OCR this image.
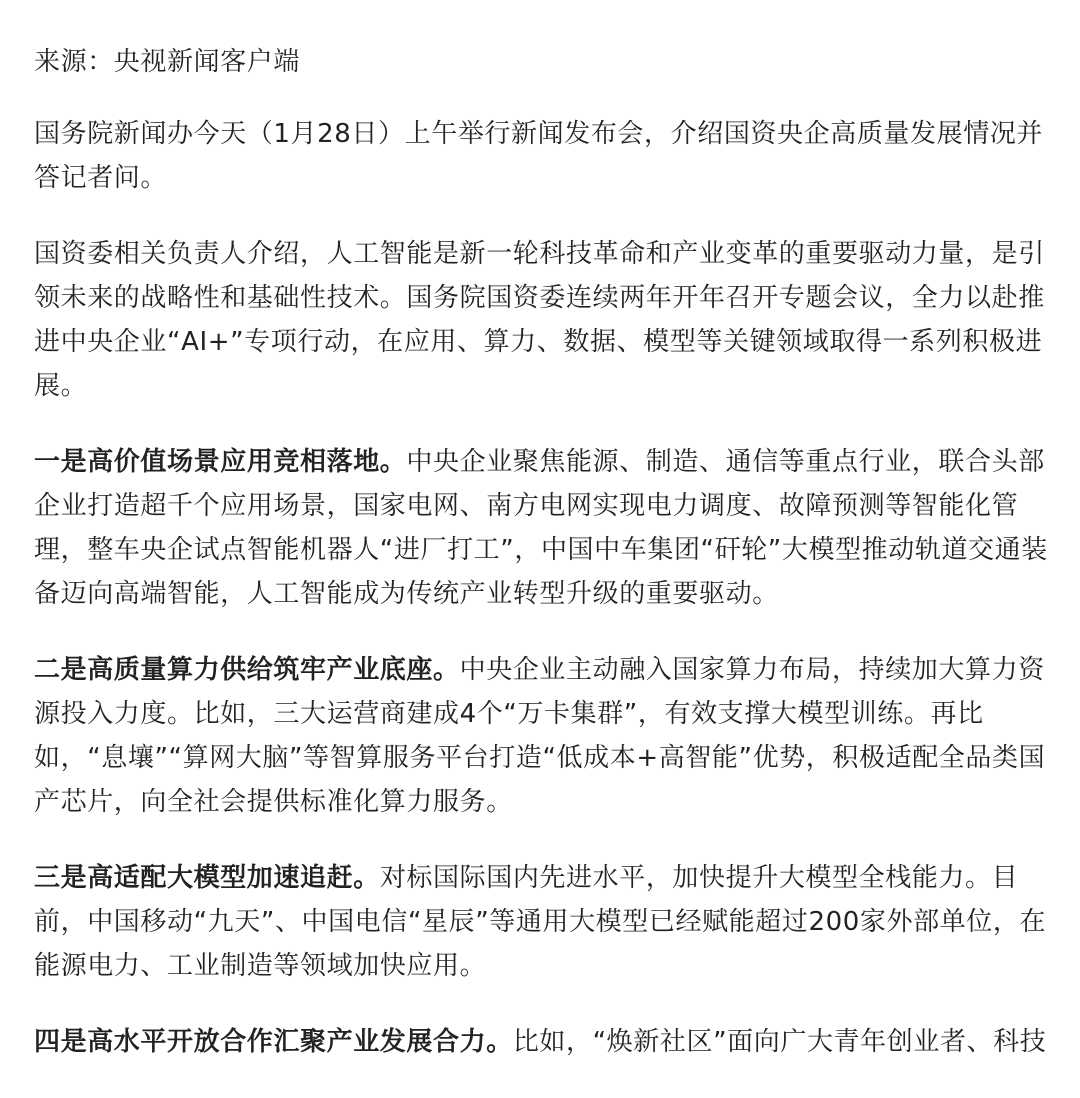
来源：央视新闻客户端

国务院新闻办今天（1月28日）上午举行新闻发布会，介绍国资央企高质量发展情况并答记者问。

国资委相关负责人介绍，人工智能是新一轮科技革命和产业变革的重要驱动力量，是引领未来的战略性和基础性技术。国务院国资委连续两年开年召开专题会议，全力以赴推进中央企业“AI+”专项行动，在应用、算力、数据、模型等关键领域取得一系列积极进展。

一是高价值场景应用竞相落地。中央企业聚焦能源、制造、通信等重点行业，联合头部企业打造超千个应用场景，国家电网、南方电网实现电力调度、故障预测等智能化管理，整车央企试点智能机器人“进厂打工”，中国中车集团“矸轮”大模型推动轨道交通装备迈向高端智能，人工智能成为传统产业转型升级的重要驱动。

二是高质量算力供给筑牢产业底座。中央企业主动融入国家算力布局，持续加大算力资源投入力度。比如，三大运营商建成4个“万卡集群”，有效支撑大模型训练。再比如，“息壤”“算网大脑”等智算服务平台打造“低成本+高智能”优势，积极适配全品类国产芯片，向全社会提供标准化算力服务。

三是高适配大模型加速追赶。对标国际国内先进水平，加快提升大模型全栈能力。目前，中国移动“九天”、中国电信“星辰”等通用大模型已经赋能超过200家外部单位，在能源电力、工业制造等领域加快应用。

四是高水平开放合作汇聚产业发展合力。比如，“焕新社区”面向广大青年创业者、科技
